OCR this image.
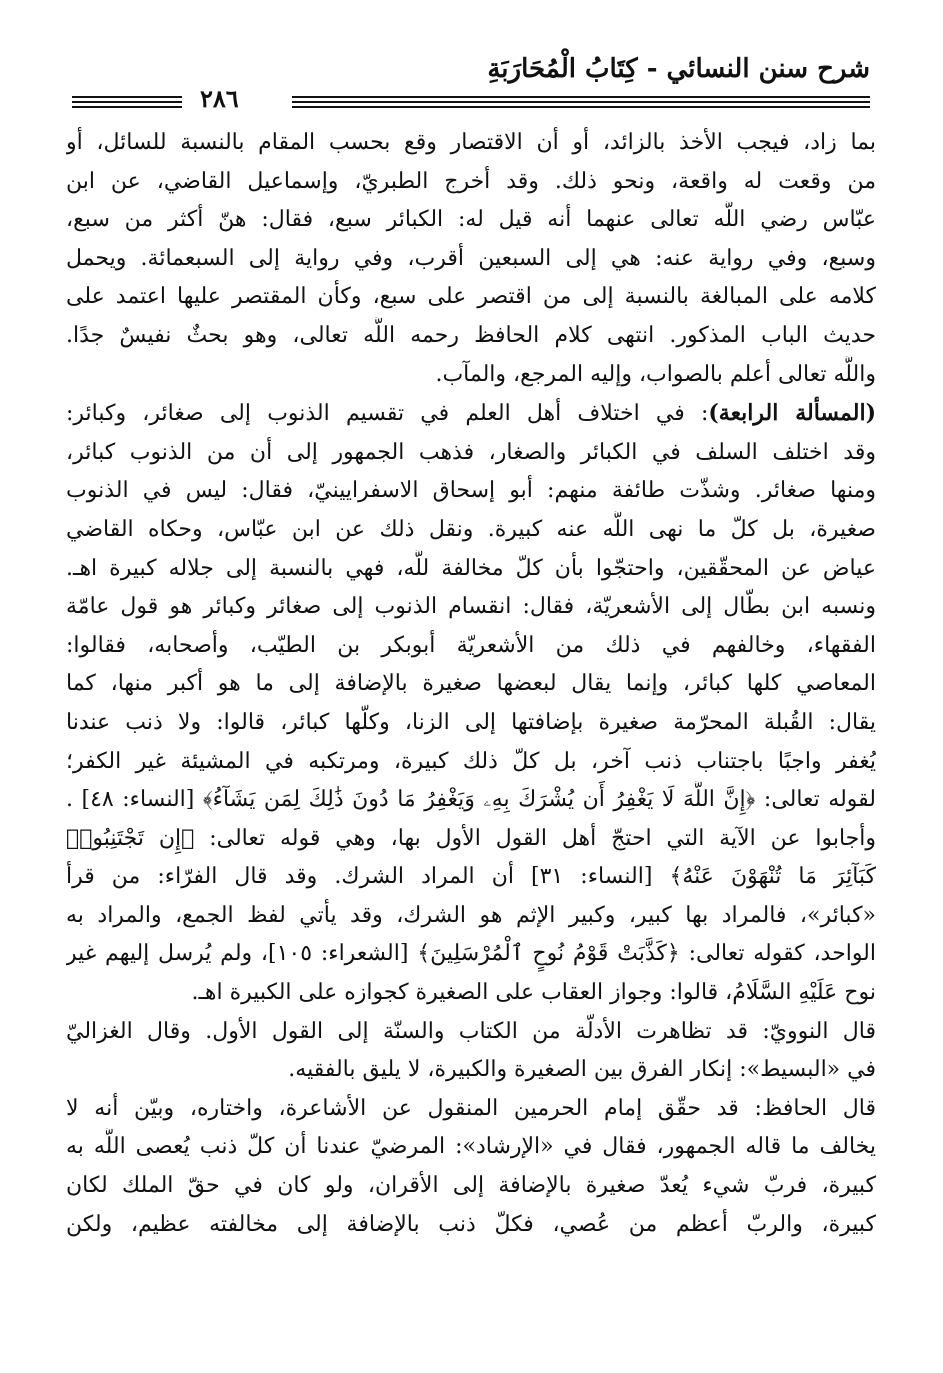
شرح سنن النسائي - كِتَابُ الْمُحَارَبَةِ
٢٨٦
بما زاد، فيجب الأخذ بالزائد، أو أن الاقتصار وقع بحسب المقام بالنسبة للسائل، أو
من وقعت له واقعة، ونحو ذلك. وقد أخرج الطبريّ، وإسماعيل القاضي، عن ابن
عبّاس رضي اللَّه تعالى عنهما أنه قيل له: الكبائر سبع، فقال: هنّ أكثر من سبع،
وسبع، وفي رواية عنه: هي إلى السبعين أقرب، وفي رواية إلى السبعمائة. ويحمل
كلامه على المبالغة بالنسبة إلى من اقتصر على سبع، وكأن المقتصر عليها اعتمد على
حديث الباب المذكور. انتهى كلام الحافظ رحمه اللَّه تعالى، وهو بحثٌ نفيسٌ جدًا.
واللَّه تعالى أعلم بالصواب، وإليه المرجع، والمآب.
(المسألة الرابعة): في اختلاف أهل العلم في تقسيم الذنوب إلى صغائر، وكبائر:
وقد اختلف السلف في الكبائر والصغار، فذهب الجمهور إلى أن من الذنوب كبائر،
ومنها صغائر. وشذّت طائفة منهم: أبو إسحاق الاسفرايينيّ، فقال: ليس في الذنوب
صغيرة، بل كلّ ما نهى اللَّه عنه كبيرة. ونقل ذلك عن ابن عبّاس، وحكاه القاضي
عياض عن المحقّقين، واحتجّوا بأن كلّ مخالفة للَّه، فهي بالنسبة إلى جلاله كبيرة اهـ.
ونسبه ابن بطّال إلى الأشعريّة، فقال: انقسام الذنوب إلى صغائر وكبائر هو قول عامّة
الفقهاء، وخالفهم في ذلك من الأشعريّة أبوبكر بن الطيّب، وأصحابه، فقالوا:
المعاصي كلها كبائر، وإنما يقال لبعضها صغيرة بالإضافة إلى ما هو أكبر منها، كما
يقال: القُبلة المحرّمة صغيرة بإضافتها إلى الزنا، وكلّها كبائر، قالوا: ولا ذنب عندنا
يُغفر واجبًا باجتناب ذنب آخر، بل كلّ ذلك كبيرة، ومرتكبه في المشيئة غير الكفر؛
لقوله تعالى: ﴿إِنَّ اللَّهَ لَا يَغْفِرُ أَن يُشْرَكَ بِهِۦ وَيَغْفِرُ مَا دُونَ ذَٰلِكَ لِمَن يَشَآءُ﴾ [النساء: ٤٨] .
وأجابوا عن الآية التي احتجّ أهل القول الأول بها، وهي قوله تعالى: ﴿إِن تَجْتَنِبُوا۟
كَبَآئِرَ مَا تُنْهَوْنَ عَنْهُ﴾ [النساء: ٣١] أن المراد الشرك. وقد قال الفرّاء: من قرأ
«كبائر»، فالمراد بها كبير، وكبير الإثم هو الشرك، وقد يأتي لفظ الجمع، والمراد به
الواحد، كقوله تعالى: ﴿كَذَّبَتْ قَوْمُ نُوحٍ ٱلْمُرْسَلِينَ﴾ [الشعراء: ١٠٥]، ولم يُرسل إليهم غير
نوح عَلَيْهِ السَّلَامُ، قالوا: وجواز العقاب على الصغيرة كجوازه على الكبيرة اهـ.
قال النوويّ: قد تظاهرت الأدلّة من الكتاب والسنّة إلى القول الأول. وقال الغزاليّ
في «البسيط»: إنكار الفرق بين الصغيرة والكبيرة، لا يليق بالفقيه.
قال الحافظ: قد حقّق إمام الحرمين المنقول عن الأشاعرة، واختاره، وبيّن أنه لا
يخالف ما قاله الجمهور، فقال في «الإرشاد»: المرضيّ عندنا أن كلّ ذنب يُعصى اللَّه به
كبيرة، فربّ شيء يُعدّ صغيرة بالإضافة إلى الأقران، ولو كان في حقّ الملك لكان
كبيرة، والربّ أعظم من عُصي، فكلّ ذنب بالإضافة إلى مخالفته عظيم، ولكن
